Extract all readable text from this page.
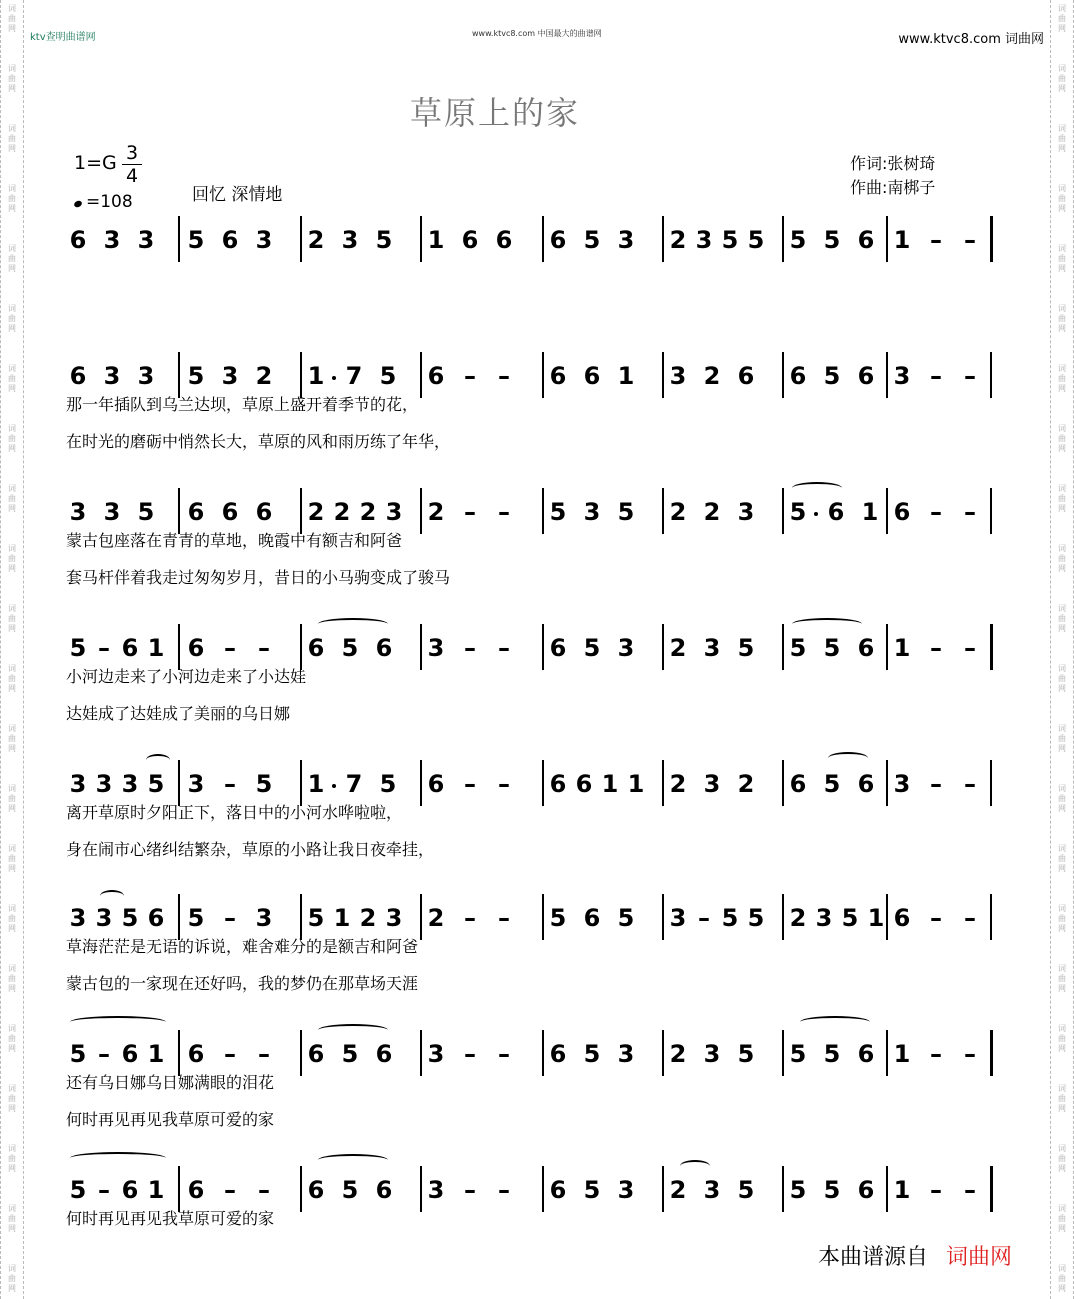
词
曲
网
词
曲
网
词
曲
网
词
曲
网
词
曲
网
词
曲
网
词
曲
网
词
曲
网
词
曲
网
词
曲
网
词
曲
网
词
曲
网
词
曲
网
词
曲
网
词
曲
网
词
曲
网
词
曲
网
词
曲
网
词
曲
网
词
曲
网
词
曲
网
词
曲
网
词
曲
网
词
曲
网
词
曲
网
词
曲
网
词
曲
网
词
曲
网
词
曲
网
词
曲
网
词
曲
网
词
曲
网
词
曲
网
词
曲
网
词
曲
网
词
曲
网
词
曲
网
词
曲
网
词
曲
网
词
曲
网
词
曲
网
词
曲
网
词
曲
网
词
曲
网
ktv查明曲谱网	www.ktvc8.com 中国最大的曲谱网	www.ktvc8.com 词曲网
草原上的家
1=G 3
4
=108	回忆 深情地
作词:张树琦
作曲:南梆子
6 3 3 5 6 3 2 3 5 1 6 6 6 5 3 2 3 5 5 5 5 6 1 – –
6 3 3 5 3 2 1 7 5 6 – – 6 6 1 3 2 6 6 5 6 3 – –
那一年插队到乌兰达坝，草原上盛开着季节的花，
在时光的磨砺中悄然长大，草原的风和雨历练了年华，
3 3 5 6 6 6 2 2 2 3 2 – – 5 3 5 2 2 3 5 6 1 6 – –
蒙古包座落在青青的草地，晚霞中有额吉和阿爸
套马杆伴着我走过匆匆岁月，昔日的小马驹变成了骏马
5 – 6 1 6 – – 6 5 6 3 – – 6 5 3 2 3 5 5 5 6 1 – –
小河边走来了小河边走来了小达娃
达娃成了达娃成了美丽的乌日娜
3 3 3 5 3 – 5 1 7 5 6 – – 6 6 1 1 2 3 2 6 5 6 3 – –
离开草原时夕阳正下，落日中的小河水哗啦啦，
身在闹市心绪纠结繁杂，草原的小路让我日夜牵挂，
3 3 5 6 5 – 3 5 1 2 3 2 – – 5 6 5 3 – 5 5 2 3 5 1 6 – –
草海茫茫是无语的诉说，难舍难分的是额吉和阿爸
蒙古包的一家现在还好吗，我的梦仍在那草场天涯
5 – 6 1 6 – – 6 5 6 3 – – 6 5 3 2 3 5 5 5 6 1 – –
还有乌日娜乌日娜满眼的泪花
何时再见再见我草原可爱的家
5 – 6 1 6 – – 6 5 6 3 – – 6 5 3 2 3 5 5 5 6 1 – –
何时再见再见我草原可爱的家
本曲谱源自 词曲网
